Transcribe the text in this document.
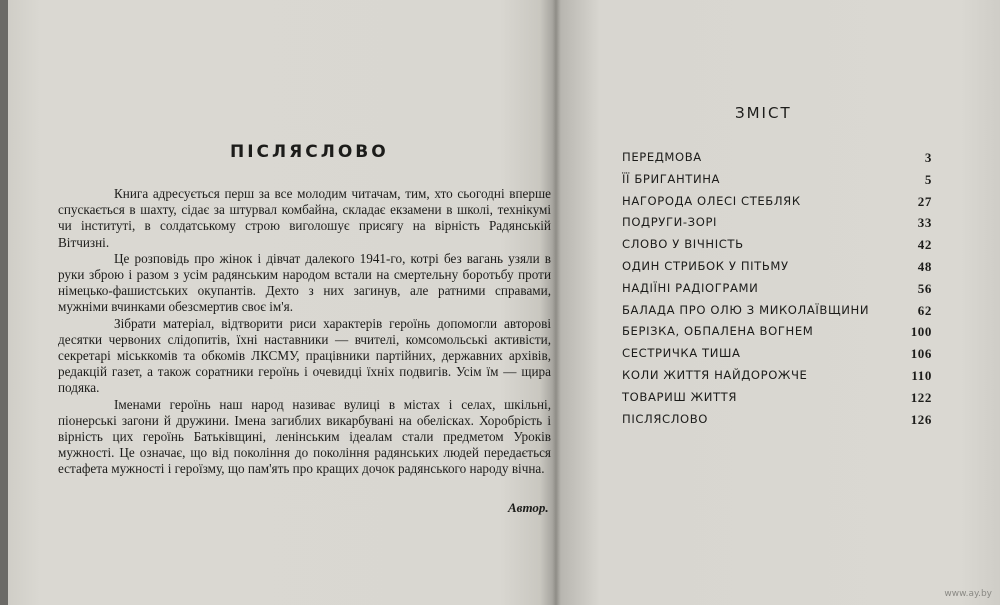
ПІСЛЯСЛОВО

Книга адресується перш за все молодим читачам, тим, хто сьогодні вперше спускається в шахту, сідає за штурвал комбайна, складає екзамени в школі, технікумі чи інституті, в солдатському строю виголошує присягу на вірність Радянській Вітчизні.

Це розповідь про жінок і дівчат далекого 1941-го, котрі без вагань узяли в руки зброю і разом з усім радянським народом встали на смертельну боротьбу проти німецько-фашистських окупантів. Дехто з них загинув, але ратними справами, мужніми вчинками обезсмертив своє ім'я.

Зібрати матеріал, відтворити риси характерів героїнь допомогли авторові десятки червоних слідопитів, їхні наставники — вчителі, комсомольські активісти, секретарі міськкомів та обкомів ЛКСМУ, працівники партійних, державних архівів, редакцій газет, а також соратники героїнь і очевидці їхніх подвигів. Усім їм — щира подяка.

Іменами героїнь наш народ називає вулиці в містах і селах, шкільні, піонерські загони й дружини. Імена загиблих викарбувані на обелісках. Хоробрість і вірність цих героїнь Батьківщині, ленінським ідеалам стали предметом Уроків мужності. Це означає, що від покоління до покоління радянських людей передається естафета мужності і героїзму, що пам'ять про кращих дочок радянського народу вічна.

Автор.
ЗМІСТ
ПЕРЕДМОВА	3
ЇЇ БРИГАНТИНА	5
НАГОРОДА ОЛЕСІ СТЕБЛЯК	27
ПОДРУГИ-ЗОРІ	33
СЛОВО У ВІЧНІСТЬ	42
ОДИН СТРИБОК У ПІТЬМУ	48
НАДІЇНІ РАДІОГРАМИ	56
БАЛАДА ПРО ОЛЮ З МИКОЛАЇВЩИНИ	62
БЕРІЗКА, ОБПАЛЕНА ВОГНЕМ	100
СЕСТРИЧКА ТИША	106
КОЛИ ЖИТТЯ НАЙДОРОЖЧЕ	110
ТОВАРИШ ЖИТТЯ	122
ПІСЛЯСЛОВО	126
www.ay.by
